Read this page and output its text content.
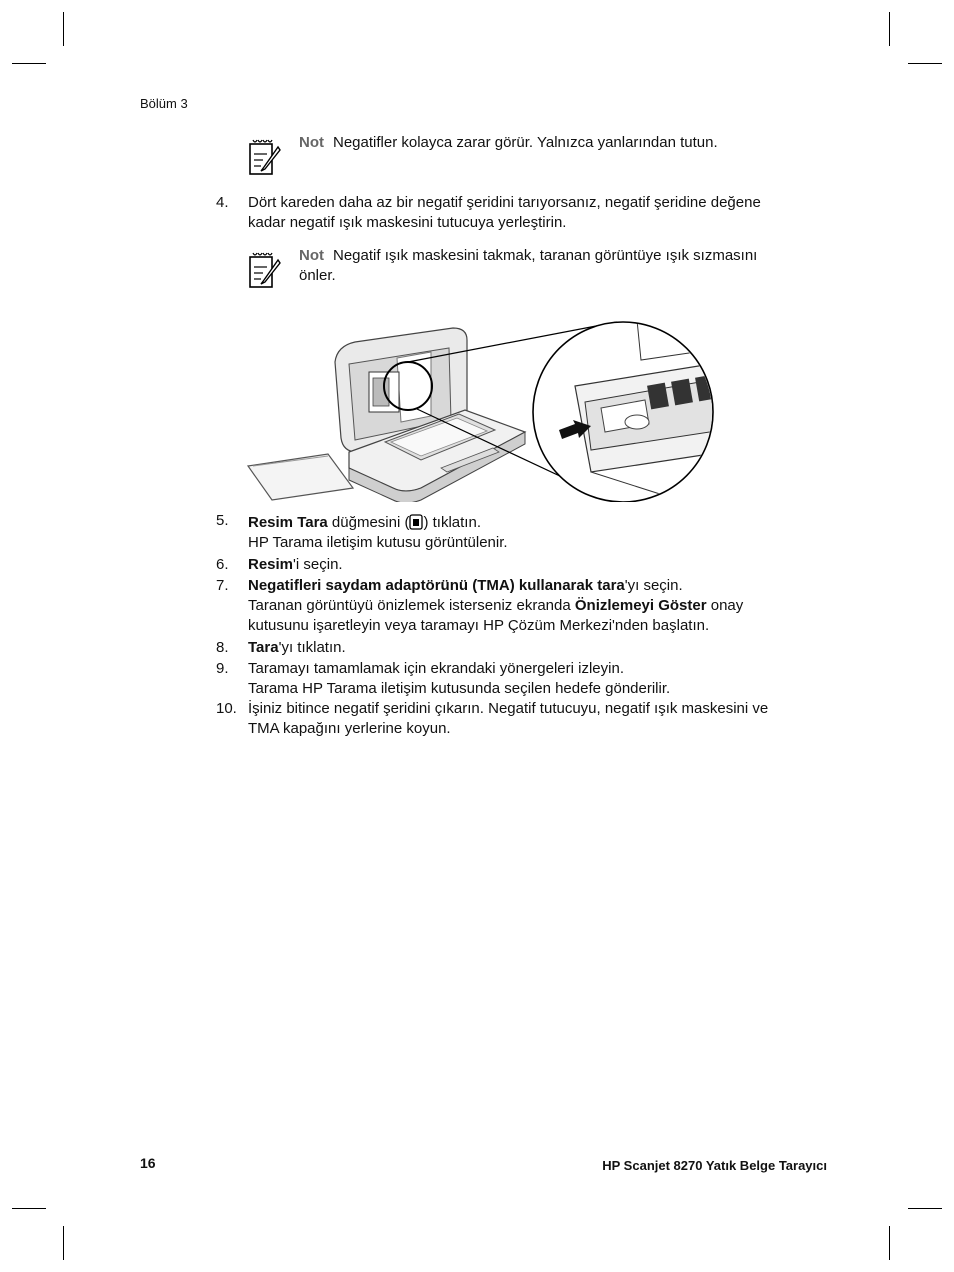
Bölüm 3
Not Negatifler kolayca zarar görür. Yalnızca yanlarından tutun.
4. Dört kareden daha az bir negatif şeridini tarıyorsanız, negatif şeridine değene kadar negatif ışık maskesini tutucuya yerleştirin.
Not Negatif ışık maskesini takmak, taranan görüntüye ışık sızmasını önler.
5. Resim Tara düğmesini ( ) tıklatın.
HP Tarama iletişim kutusu görüntülenir.
6. Resim'i seçin.
7. Negatifleri saydam adaptörünü (TMA) kullanarak tara'yı seçin.
Taranan görüntüyü önizlemek isterseniz ekranda Önizlemeyi Göster onay kutusunu işaretleyin veya taramayı HP Çözüm Merkezi'nden başlatın.
8. Tara'yı tıklatın.
9. Taramayı tamamlamak için ekrandaki yönergeleri izleyin.
Tarama HP Tarama iletişim kutusunda seçilen hedefe gönderilir.
10. İşiniz bitince negatif şeridini çıkarın. Negatif tutucuyu, negatif ışık maskesini ve TMA kapağını yerlerine koyun.
16	HP Scanjet 8270 Yatık Belge Tarayıcı
